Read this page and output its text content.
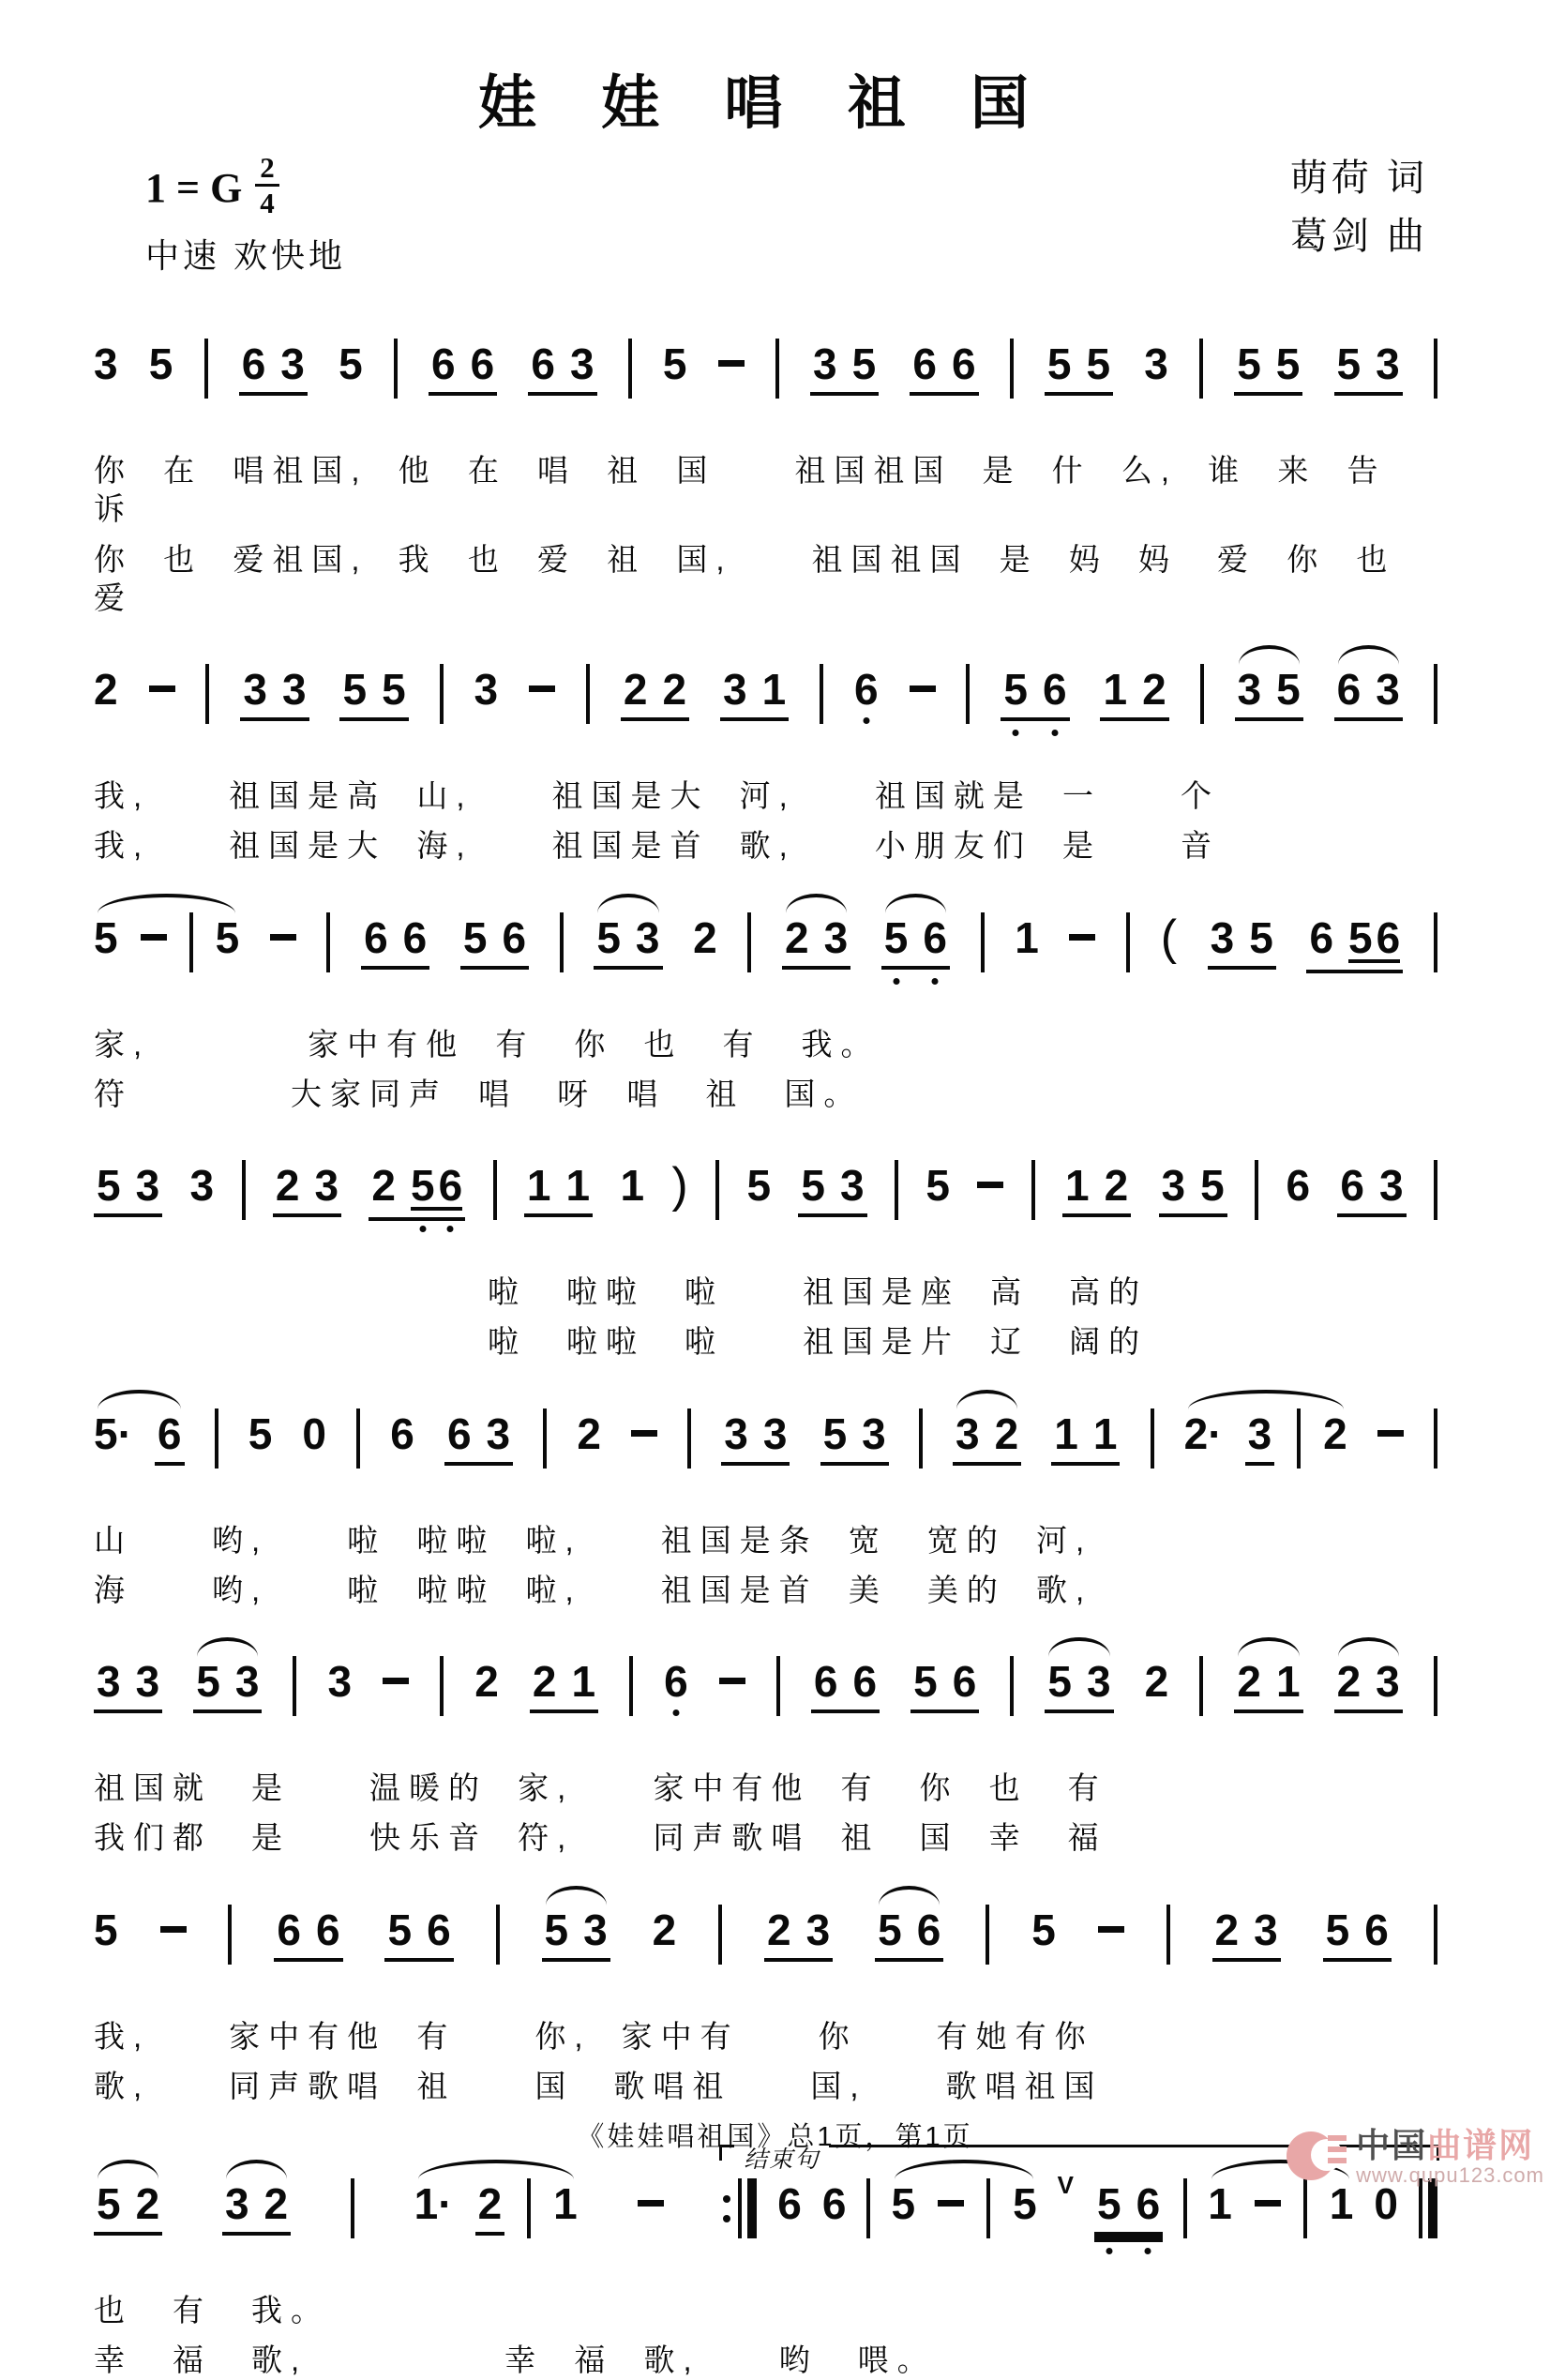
娃 娃 唱 祖 国
1 = G $\frac{2}{4}$
中速 欢快地
萌荷 词
葛剑 曲
3 5 6 3 5 6 6 6 3 5	3 5 6 6 5 5 3 5 5 5 3
你 在 唱祖国, 他 在 唱 祖 国　　祖国祖国 是 什 么, 谁 来 告 诉
你 也 爱祖国, 我 也 爱 祖 国,　　祖国祖国 是 妈 妈　爱 你 也 爱
2	3 3 5 5 3	2 2 3 1 6	5 6 1 2 3 5 6 3
我,　　祖国是高 山,　　祖国是大 河,　　祖国就是 一　　个
我,　　祖国是大 海,　　祖国是首 歌,　　小朋友们 是　　音
5 5	6 6 5 6 5 3 2 2 3 5 6 1 ( 3 5 6 5 6
家,　　　　家中有他 有　你 也　有　我。
符　　　　大家同声 唱　呀 唱　祖　国。
5 3 3 2 3 2 5 6 1 1 1 ) 5 5 3 5	1 2 3 5 6 6 3
　　　　　　　　　　啦　啦啦　啦　　祖国是座 高　高的
　　　　　　　　　　啦　啦啦　啦　　祖国是片 辽　阔的
5· 6 5 0 6 6 3 2	3 3 5 3 3 2 1 1 2· 3 2
山　　哟,　　啦 啦啦 啦,　　祖国是条 宽　宽的 河,
海　　哟,　　啦 啦啦 啦,　　祖国是首 美　美的 歌,
3 3 5 3 3	2 2 1 6	6 6 5 6 5 3 2 2 1 2 3
祖国就　是　　温暖的 家,　　家中有他 有　你 也　有
我们都　是　　快乐音 符,　　同声歌唱 祖　国 幸　福
5	6 6 5 6 5 3 2 2 3 5 6 5	2 3 5 6
我,　　家中有他 有　　你, 家中有　　你　　有她有你
歌,　　同声歌唱 祖　　国　歌唱祖　　国,　　歌唱祖国
5 2 3 2	1· 2 1
结束句
6 6 5 5 V 5 6 1 1 0
也　有　我。
幸　福　歌,　　　　　幸 福 歌,　　哟　喂。
《娃娃唱祖国》总1页，第1页	中国曲谱网
www.qupu123.com
